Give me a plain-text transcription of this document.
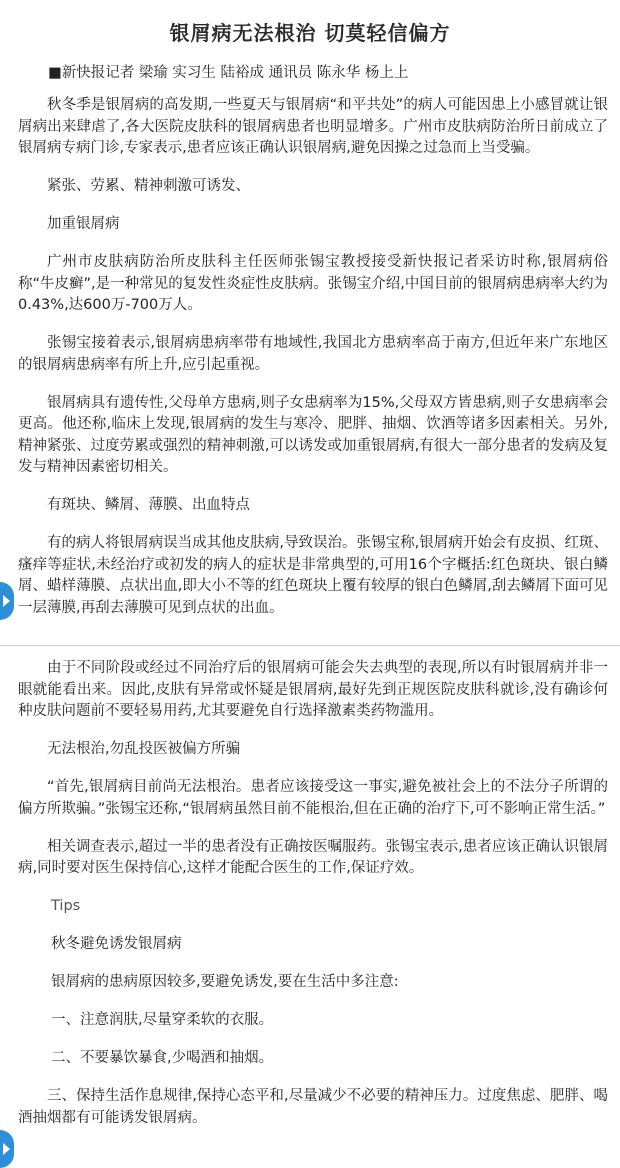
银屑病无法根治 切莫轻信偏方
■新快报记者 梁瑜 实习生 陆裕成 通讯员 陈永华 杨上上

秋冬季是银屑病的高发期,一些夏天与银屑病“和平共处”的病人可能因患上小感冒就让银屑病出来肆虐了,各大医院皮肤科的银屑病患者也明显增多。广州市皮肤病防治所日前成立了银屑病专病门诊,专家表示,患者应该正确认识银屑病,避免因操之过急而上当受骗。

紧张、劳累、精神刺激可诱发、

加重银屑病

广州市皮肤病防治所皮肤科主任医师张锡宝教授接受新快报记者采访时称,银屑病俗称“牛皮癣”,是一种常见的复发性炎症性皮肤病。张锡宝介绍,中国目前的银屑病患病率大约为0.43%,达600万-700万人。

张锡宝接着表示,银屑病患病率带有地域性,我国北方患病率高于南方,但近年来广东地区的银屑病患病率有所上升,应引起重视。

银屑病具有遗传性,父母单方患病,则子女患病率为15%,父母双方皆患病,则子女患病率会更高。他还称,临床上发现,银屑病的发生与寒冷、肥胖、抽烟、饮酒等诸多因素相关。另外,精神紧张、过度劳累或强烈的精神刺激,可以诱发或加重银屑病,有很大一部分患者的发病及复发与精神因素密切相关。

有斑块、鳞屑、薄膜、出血特点

有的病人将银屑病误当成其他皮肤病,导致误治。张锡宝称,银屑病开始会有皮损、红斑、瘙痒等症状,未经治疗或初发的病人的症状是非常典型的,可用16个字概括:红色斑块、银白鳞屑、蜡样薄膜、点状出血,即大小不等的红色斑块上覆有较厚的银白色鳞屑,刮去鳞屑下面可见一层薄膜,再刮去薄膜可见到点状的出血。

由于不同阶段或经过不同治疗后的银屑病可能会失去典型的表现,所以有时银屑病并非一眼就能看出来。因此,皮肤有异常或怀疑是银屑病,最好先到正规医院皮肤科就诊,没有确诊何种皮肤问题前不要轻易用药,尤其要避免自行选择激素类药物滥用。

无法根治,勿乱投医被偏方所骗

“首先,银屑病目前尚无法根治。患者应该接受这一事实,避免被社会上的不法分子所谓的偏方所欺骗。”张锡宝还称,“银屑病虽然目前不能根治,但在正确的治疗下,可不影响正常生活。”

相关调查表示,超过一半的患者没有正确按医嘱服药。张锡宝表示,患者应该正确认识银屑病,同时要对医生保持信心,这样才能配合医生的工作,保证疗效。

Tips

秋冬避免诱发银屑病

银屑病的患病原因较多,要避免诱发,要在生活中多注意:

一、注意润肤,尽量穿柔软的衣服。

二、不要暴饮暴食,少喝酒和抽烟。

三、保持生活作息规律,保持心态平和,尽量减少不必要的精神压力。过度焦虑、肥胖、喝酒抽烟都有可能诱发银屑病。
